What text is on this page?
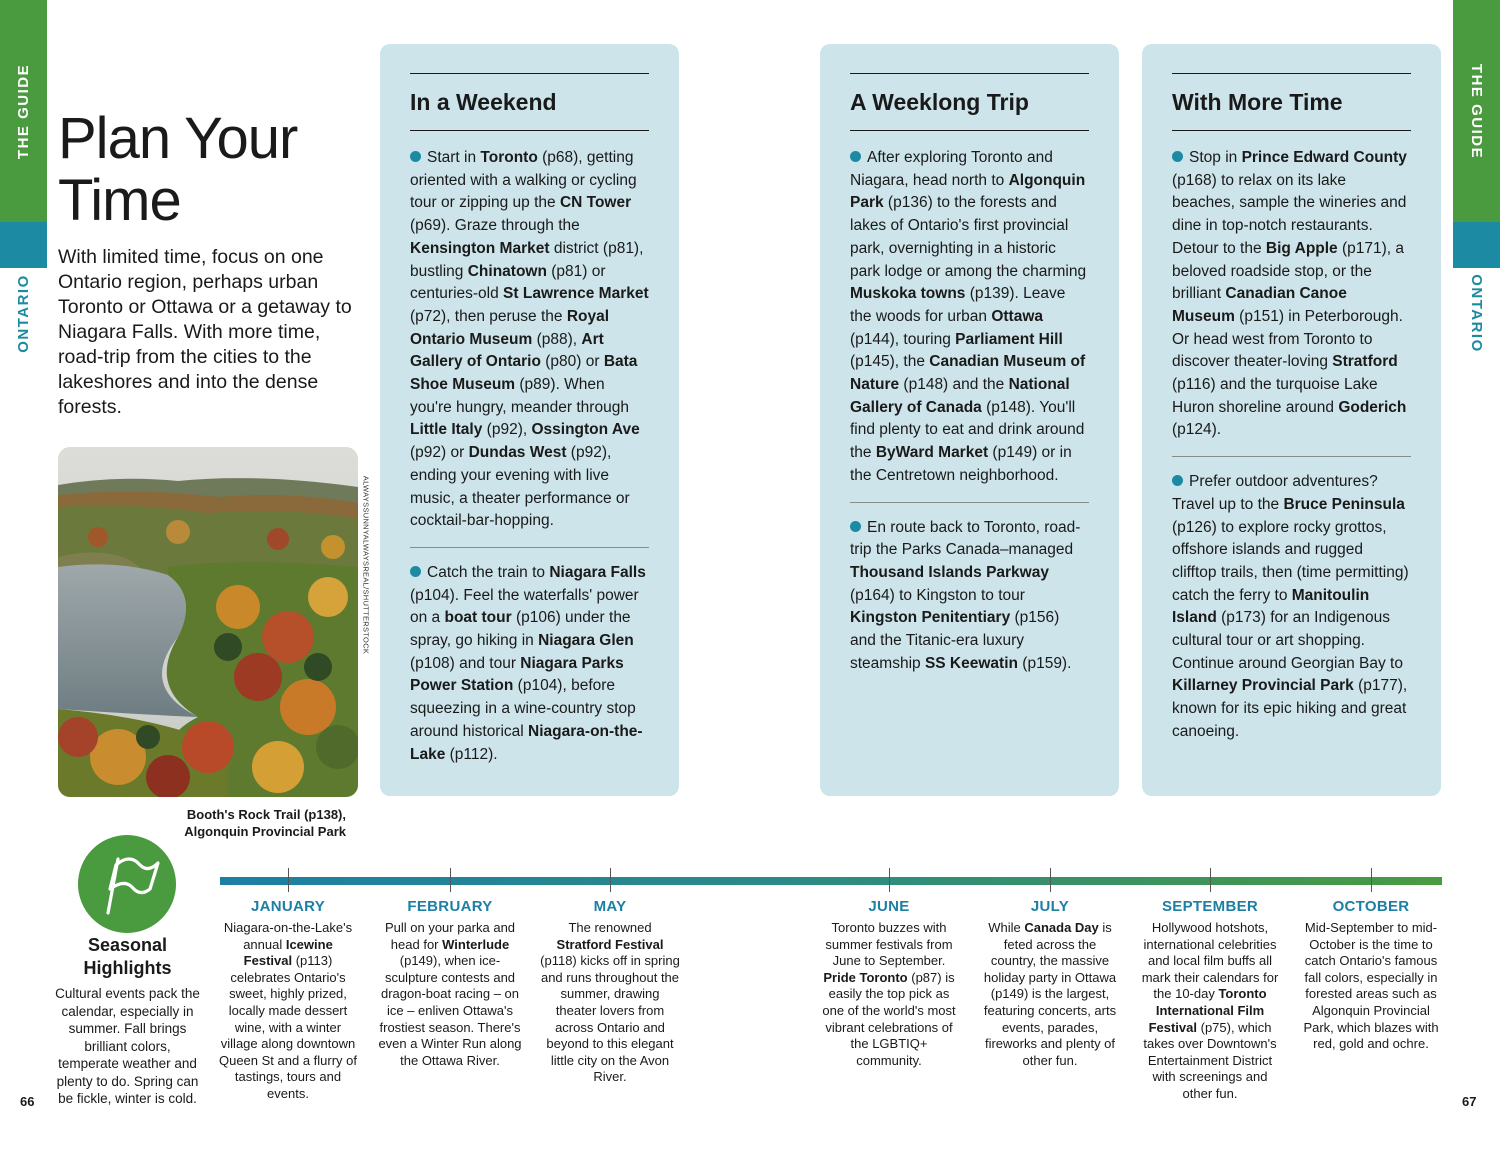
THE GUIDE
ONTARIO
THE GUIDE
ONTARIO
66	67
Plan Your
Time

With limited time, focus on one Ontario region, perhaps urban Toronto or Ottawa or a getaway to Niagara Falls. With more time, road-trip from the cities to the lakeshores and into the dense forests.

ALWAYSSUNNYALWAYSREAL/SHUTTERSTOCK
Booth's Rock Trail (p138),
Algonquin Provincial Park
In a Weekend

Start in Toronto (p68), getting oriented with a walking or cycling tour or zipping up the CN Tower (p69). Graze through the Kensington Market district (p81), bustling Chinatown (p81) or centuries-old St Lawrence Market (p72), then peruse the Royal Ontario Museum (p88), Art Gallery of Ontario (p80) or Bata Shoe Museum (p89). When you're hungry, meander through Little Italy (p92), Ossington Ave (p92) or Dundas West (p92), ending your evening with live music, a theater performance or cocktail-bar-hopping.

Catch the train to Niagara Falls (p104). Feel the waterfalls' power on a boat tour (p106) under the spray, go hiking in Niagara Glen (p108) and tour Niagara Parks Power Station (p104), before squeezing in a wine-country stop around historical Niagara-on-the-Lake (p112).

A Weeklong Trip

After exploring Toronto and Niagara, head north to Algonquin Park (p136) to the forests and lakes of Ontario's first provincial park, overnighting in a historic park lodge or among the charming Muskoka towns (p139). Leave the woods for urban Ottawa (p144), touring Parliament Hill (p145), the Canadian Museum of Nature (p148) and the National Gallery of Canada (p148). You'll find plenty to eat and drink around the ByWard Market (p149) or in the Centretown neighborhood.

En route back to Toronto, road-trip the Parks Canada–managed Thousand Islands Parkway (p164) to Kingston to tour Kingston Penitentiary (p156) and the Titanic-era luxury steamship SS Keewatin (p159).

With More Time

Stop in Prince Edward County (p168) to relax on its lake beaches, sample the wineries and dine in top-notch restaurants. Detour to the Big Apple (p171), a beloved roadside stop, or the brilliant Canadian Canoe Museum (p151) in Peterborough. Or head west from Toronto to discover theater-loving Stratford (p116) and the turquoise Lake Huron shoreline around Goderich (p124).

Prefer outdoor adventures? Travel up to the Bruce Peninsula (p126) to explore rocky grottos, offshore islands and rugged clifftop trails, then (time permitting) catch the ferry to Manitoulin Island (p173) for an Indigenous cultural tour or art shopping. Continue around Georgian Bay to Killarney Provincial Park (p177), known for its epic hiking and great canoeing.

Seasonal
Highlights
Cultural events pack the calendar, especially in summer. Fall brings brilliant colors, temperate weather and plenty to do. Spring can be fickle, winter is cold.
JANUARY
Niagara-on-the-Lake's annual Icewine Festival (p113) celebrates Ontario's sweet, highly prized, locally made dessert wine, with a winter village along downtown Queen St and a flurry of tastings, tours and events.
FEBRUARY
Pull on your parka and head for Winterlude (p149), when ice-sculpture contests and dragon-boat racing – on ice – enliven Ottawa's frostiest season. There's even a Winter Run along the Ottawa River.
MAY
The renowned Stratford Festival (p118) kicks off in spring and runs throughout the summer, drawing theater lovers from across Ontario and beyond to this elegant little city on the Avon River.
JUNE
Toronto buzzes with summer festivals from June to September. Pride Toronto (p87) is easily the top pick as one of the world's most vibrant celebrations of the LGBTIQ+ community.
JULY
While Canada Day is feted across the country, the massive holiday party in Ottawa (p149) is the largest, featuring concerts, arts events, parades, fireworks and plenty of other fun.
SEPTEMBER
Hollywood hotshots, international celebrities and local film buffs all mark their calendars for the 10-day Toronto International Film Festival (p75), which takes over Downtown's Entertainment District with screenings and other fun.
OCTOBER
Mid-September to mid-October is the time to catch Ontario's famous fall colors, especially in forested areas such as Algonquin Provincial Park, which blazes with red, gold and ochre.
